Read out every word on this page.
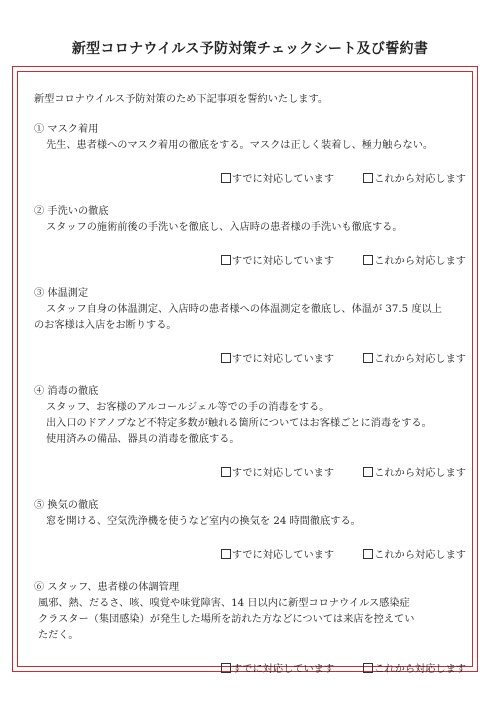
新型コロナウイルス予防対策チェックシート及び誓約書
新型コロナウイルス予防対策のため下記事項を誓約いたします。
① マスク着用
先生、患者様へのマスク着用の徹底をする。マスクは正しく装着し、極力触らない。
すでに対応しています	これから対応します
② 手洗いの徹底
スタッフの施術前後の手洗いを徹底し、入店時の患者様の手洗いも徹底する。
すでに対応しています	これから対応します
③ 体温測定
スタッフ自身の体温測定、入店時の患者様への体温測定を徹底し、体温が 37.5 度以上
のお客様は入店をお断りする。
すでに対応しています	これから対応します
④ 消毒の徹底
スタッフ、お客様のアルコールジェル等での手の消毒をする。
出入口のドアノブなど不特定多数が触れる箇所についてはお客様ごとに消毒をする。
使用済みの備品、器具の消毒を徹底する。
すでに対応しています	これから対応します
⑤ 換気の徹底
窓を開ける、空気洗浄機を使うなど室内の換気を 24 時間徹底する。
すでに対応しています	これから対応します
⑥ スタッフ、患者様の体調管理
風邪、熱、だるさ、咳、嗅覚や味覚障害、14 日以内に新型コロナウイルス感染症
クラスター（集団感染）が発生した場所を訪れた方などについては来店を控えてい
ただく。
すでに対応しています	これから対応します
